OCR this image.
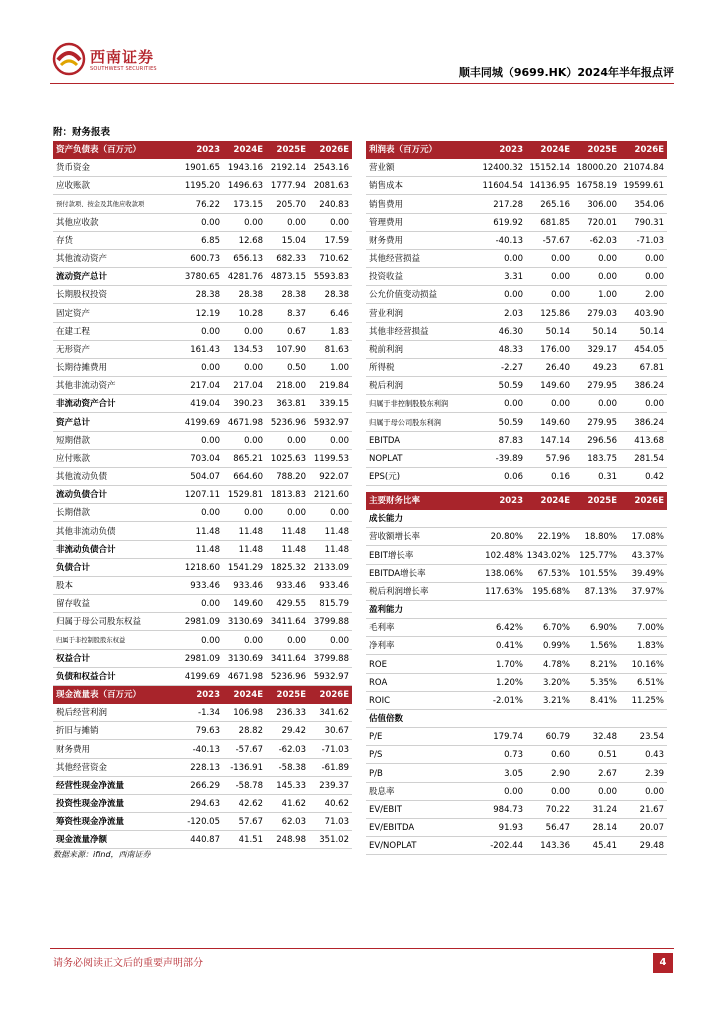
西南证券
SOUTHWEST SECURITIES	顺丰同城（9699.HK）2024年半年报点评
附：财务报表
资产负债表（百万元）	2023	2024E	2025E	2026E
货币资金	1901.65 1943.16 2192.14 2543.16
应收账款	1195.20 1496.63 1777.94 2081.63
预付款项、按金及其他应收款项	76.22	173.15	205.70	240.83
其他应收款	0.00	0.00	0.00	0.00
存货	6.85	12.68	15.04	17.59
其他流动资产	600.73	656.13	682.33	710.62
流动资产总计	3780.65 4281.76 4873.15 5593.83
长期股权投资	28.38	28.38	28.38	28.38
固定资产	12.19	10.28	8.37	6.46
在建工程	0.00	0.00	0.67	1.83
无形资产	161.43	134.53	107.90	81.63
长期待摊费用	0.00	0.00	0.50	1.00
其他非流动资产	217.04	217.04	218.00	219.84
非流动资产合计	419.04	390.23	363.81	339.15
资产总计	4199.69 4671.98 5236.96 5932.97
短期借款	0.00	0.00	0.00	0.00
应付账款	703.04	865.21 1025.63 1199.53
其他流动负债	504.07	664.60	788.20	922.07
流动负债合计	1207.11 1529.81 1813.83 2121.60
长期借款	0.00	0.00	0.00	0.00
其他非流动负债	11.48	11.48	11.48	11.48
非流动负债合计	11.48	11.48	11.48	11.48
负债合计	1218.60 1541.29 1825.32 2133.09
股本	933.46	933.46	933.46	933.46
留存收益	0.00	149.60	429.55	815.79
归属于母公司股东权益	2981.09 3130.69 3411.64 3799.88
归属于非控制股股东权益	0.00	0.00	0.00	0.00
权益合计	2981.09 3130.69 3411.64 3799.88
负债和权益合计	4199.69 4671.98 5236.96 5932.97
现金流量表（百万元）	2023	2024E	2025E	2026E
税后经营利润	-1.34	106.98	236.33	341.62
折旧与摊销	79.63	28.82	29.42	30.67
财务费用	-40.13	-57.67	-62.03	-71.03
其他经营资金	228.13	-136.91	-58.38	-61.89
经营性现金净流量	266.29	-58.78	145.33	239.37
投资性现金净流量	294.63	42.62	41.62	40.62
筹资性现金净流量	-120.05	57.67	62.03	71.03
现金流量净额	440.87	41.51	248.98	351.02
利润表（百万元）	2023	2024E	2025E	2026E
营业额	12400.32 15152.14 18000.20 21074.84
销售成本	11604.54 14136.95 16758.19 19599.61
销售费用	217.28	265.16	306.00	354.06
管理费用	619.92	681.85	720.01	790.31
财务费用	-40.13	-57.67	-62.03	-71.03
其他经营损益	0.00	0.00	0.00	0.00
投资收益	3.31	0.00	0.00	0.00
公允价值变动损益	0.00	0.00	1.00	2.00
营业利润	2.03	125.86	279.03	403.90
其他非经营损益	46.30	50.14	50.14	50.14
税前利润	48.33	176.00	329.17	454.05
所得税	-2.27	26.40	49.23	67.81
税后利润	50.59	149.60	279.95	386.24
归属于非控制股股东利润	0.00	0.00	0.00	0.00
归属于母公司股东利润	50.59	149.60	279.95	386.24
EBITDA	87.83	147.14	296.56	413.68
NOPLAT	-39.89	57.96	183.75	281.54
EPS(元)	0.06	0.16	0.31	0.42
主要财务比率	2023	2024E	2025E	2026E
成长能力
营收额增长率	20.80%	22.19%	18.80%	17.08%
EBIT增长率	102.48% 1343.02%	125.77%	43.37%
EBITDA增长率	138.06%	67.53%	101.55%	39.49%
税后利润增长率	117.63%	195.68%	87.13%	37.97%
盈利能力
毛利率	6.42%	6.70%	6.90%	7.00%
净利率	0.41%	0.99%	1.56%	1.83%
ROE	1.70%	4.78%	8.21%	10.16%
ROA	1.20%	3.20%	5.35%	6.51%
ROIC	-2.01%	3.21%	8.41%	11.25%
估值倍数
P/E	179.74	60.79	32.48	23.54
P/S	0.73	0.60	0.51	0.43
P/B	3.05	2.90	2.67	2.39
股息率	0.00	0.00	0.00	0.00
EV/EBIT	984.73	70.22	31.24	21.67
EV/EBITDA	91.93	56.47	28.14	20.07
EV/NOPLAT	-202.44	143.36	45.41	29.48
数据来源：ifind，西南证券
请务必阅读正文后的重要声明部分	4
